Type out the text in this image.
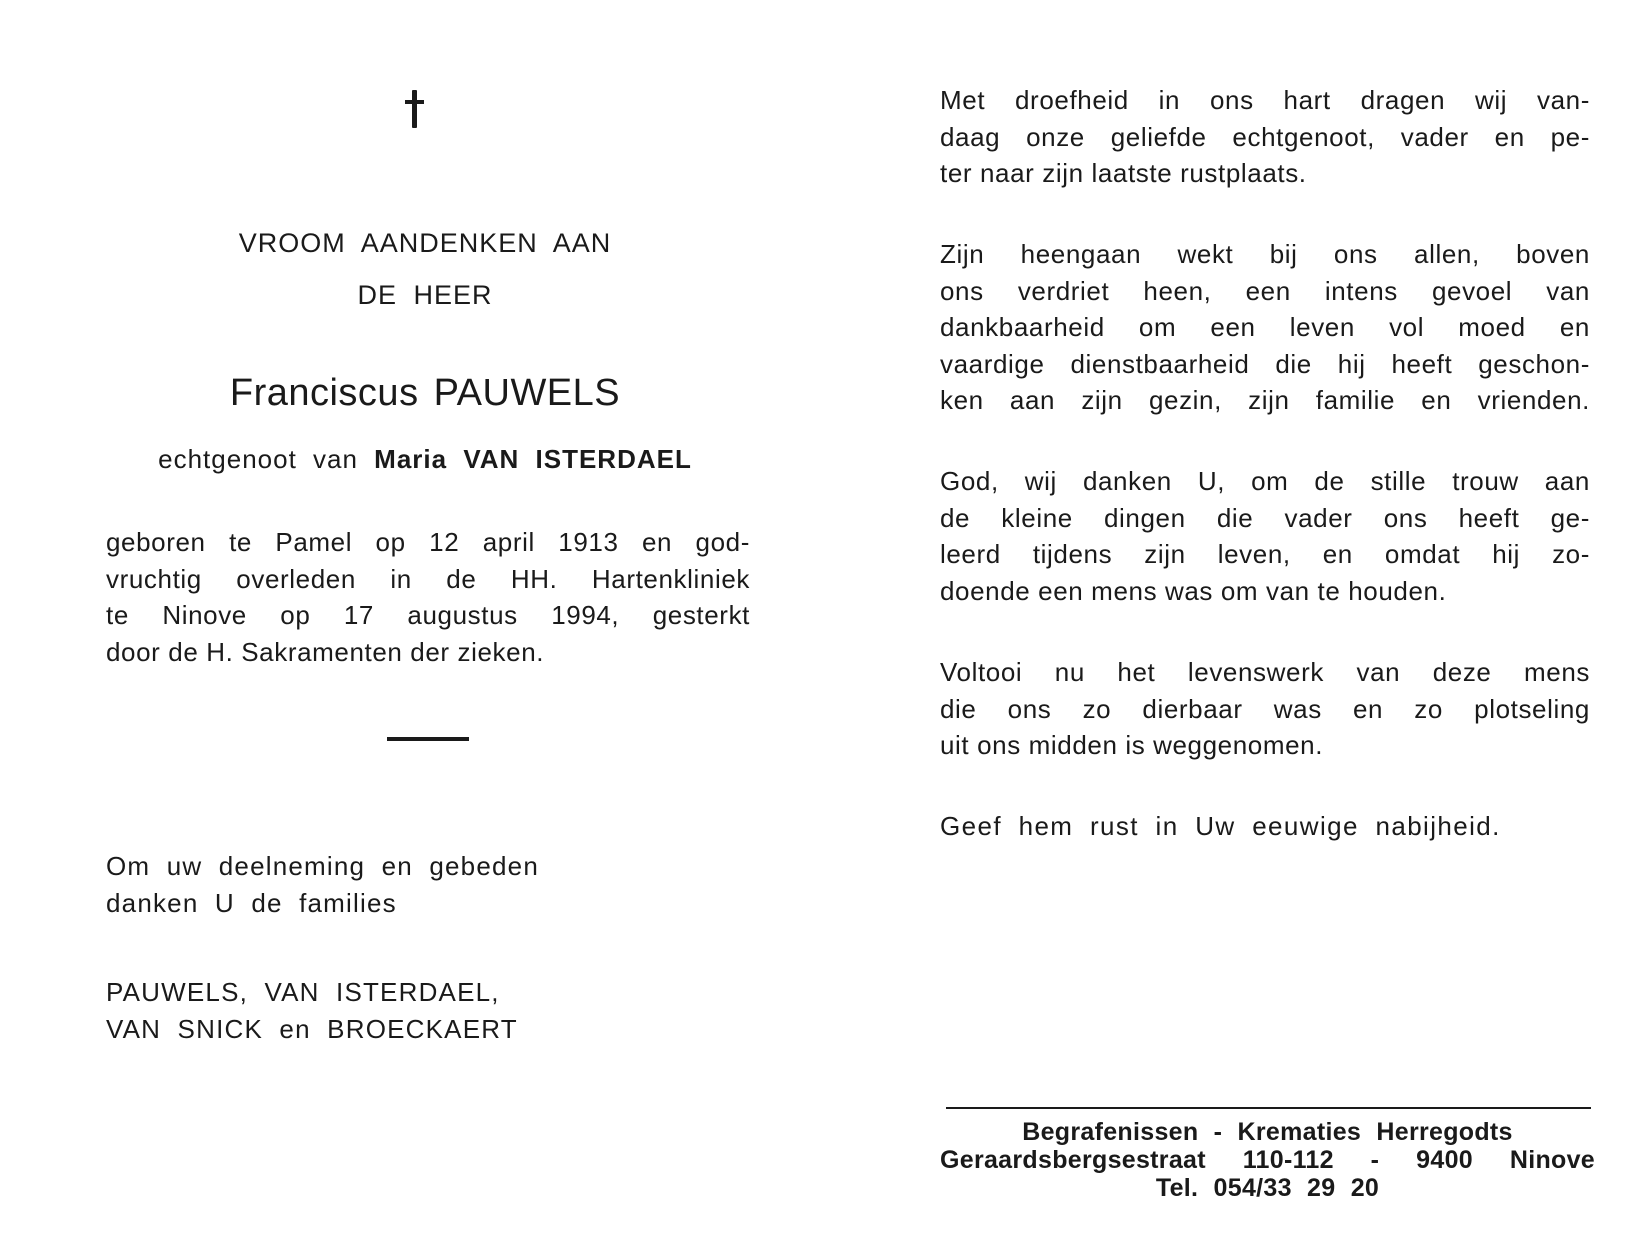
VROOM AANDENKEN AAN
DE HEER
Franciscus PAUWELS
echtgenoot van Maria VAN ISTERDAEL
geboren te Pamel op 12 april 1913 en god-
vruchtig overleden in de HH. Hartenkliniek
te Ninove op 17 augustus 1994, gesterkt
door de H. Sakramenten der zieken.
Om uw deelneming en gebeden
danken U de families
PAUWELS, VAN ISTERDAEL,
VAN SNICK en BROECKAERT
Met droefheid in ons hart dragen wij van-
daag onze geliefde echtgenoot, vader en pe-
ter naar zijn laatste rustplaats.
Zijn heengaan wekt bij ons allen, boven
ons verdriet heen, een intens gevoel van
dankbaarheid om een leven vol moed en
vaardige dienstbaarheid die hij heeft geschon-
ken aan zijn gezin, zijn familie en vrienden.
God, wij danken U, om de stille trouw aan
de kleine dingen die vader ons heeft ge-
leerd tijdens zijn leven, en omdat hij zo-
doende een mens was om van te houden.
Voltooi nu het levenswerk van deze mens
die ons zo dierbaar was en zo plotseling
uit ons midden is weggenomen.
Geef hem rust in Uw eeuwige nabijheid.
Begrafenissen - Krematies Herregodts
Geraardsbergsestraat 110-112 - 9400 Ninove
Tel. 054/33 29 20
